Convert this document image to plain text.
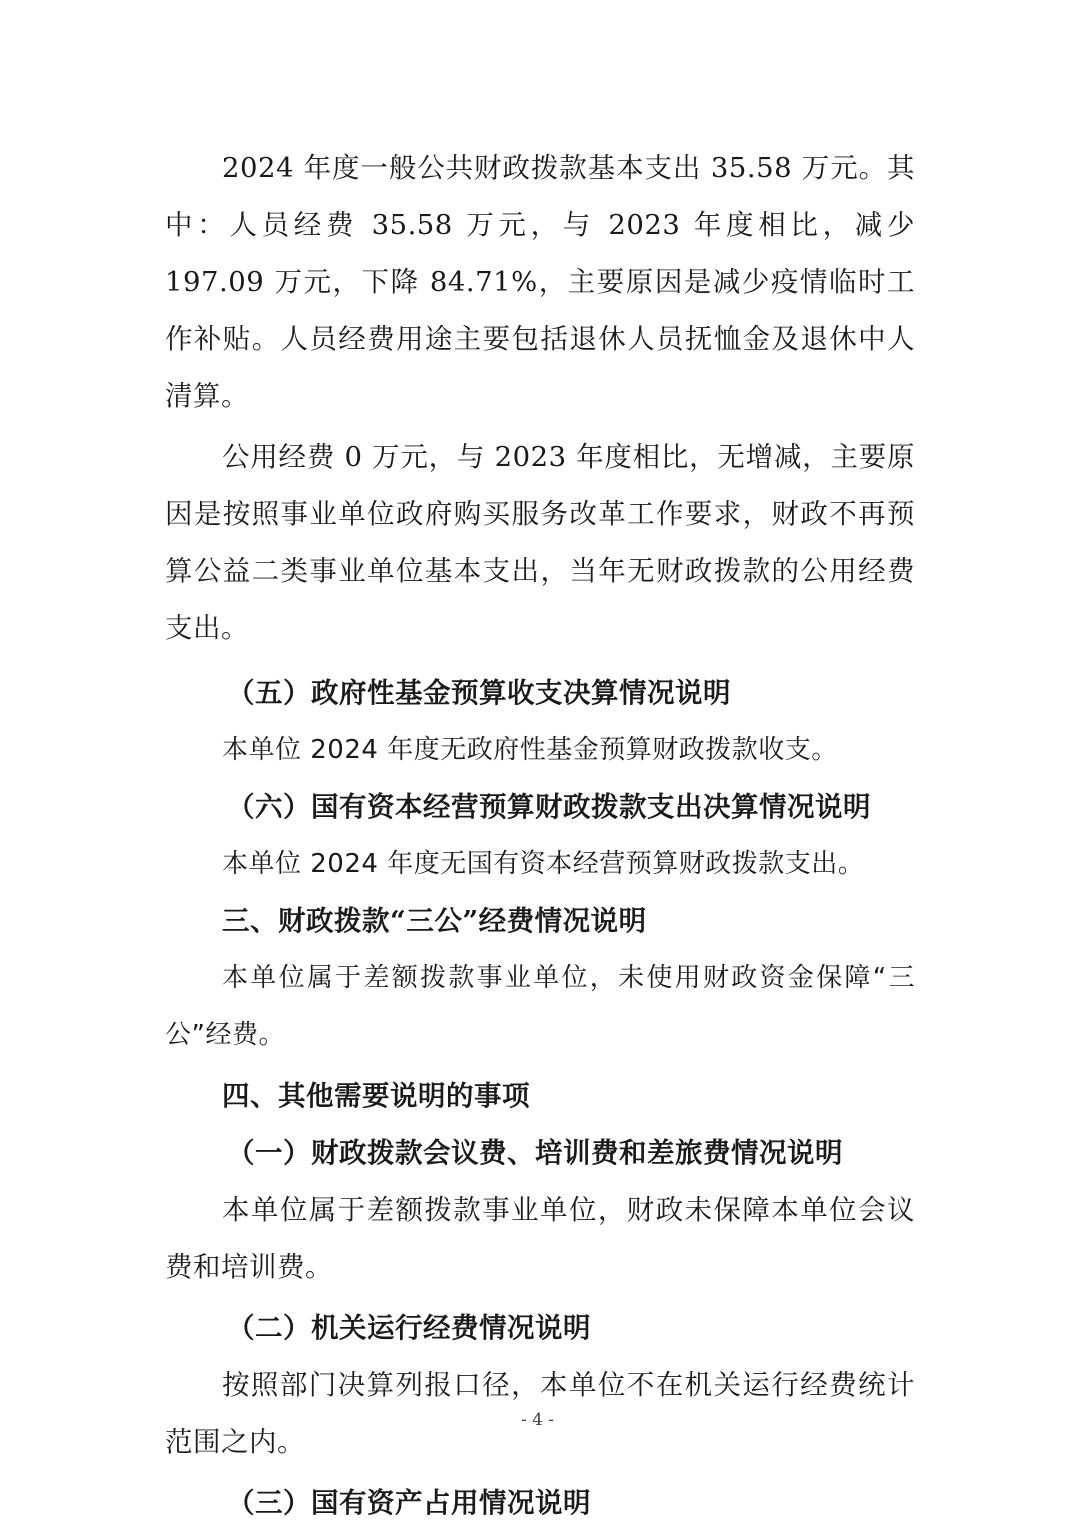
2024 年度一般公共财政拨款基本支出 35.58 万元。其中：人员经费 35.58 万元，与 2023 年度相比，减少 197.09 万元，下降 84.71%，主要原因是减少疫情临时工作补贴。人员经费用途主要包括退休人员抚恤金及退休中人清算。

公用经费 0 万元，与 2023 年度相比，无增减，主要原因是按照事业单位政府购买服务改革工作要求，财政不再预算公益二类事业单位基本支出，当年无财政拨款的公用经费支出。

（五）政府性基金预算收支决算情况说明

本单位 2024 年度无政府性基金预算财政拨款收支。

（六）国有资本经营预算财政拨款支出决算情况说明

本单位 2024 年度无国有资本经营预算财政拨款支出。

三、财政拨款“三公”经费情况说明

本单位属于差额拨款事业单位，未使用财政资金保障“三公”经费。

四、其他需要说明的事项

（一）财政拨款会议费、培训费和差旅费情况说明

本单位属于差额拨款事业单位，财政未保障本单位会议费和培训费。

（二）机关运行经费情况说明

按照部门决算列报口径，本单位不在机关运行经费统计范围之内。

（三）国有资产占用情况说明

- 4 -
